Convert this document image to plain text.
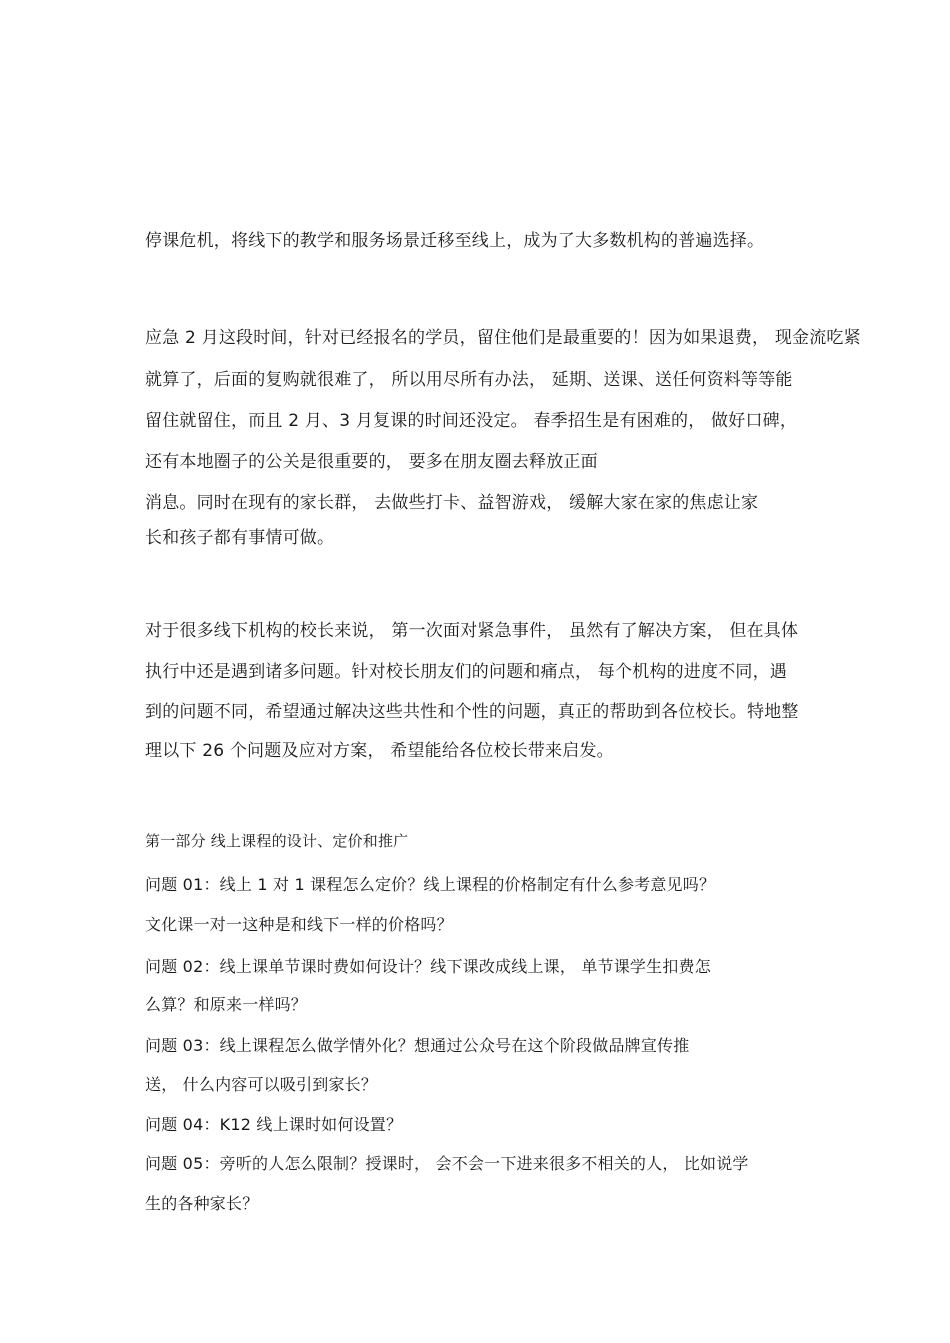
停课危机，将线下的教学和服务场景迁移至线上，成为了大多数机构的普遍选择。
应急 2 月这段时间，针对已经报名的学员，留住他们是最重要的！因为如果退费， 现金流吃紧
就算了，后面的复购就很难了， 所以用尽所有办法， 延期、送课、送任何资料等等能
留住就留住，而且 2 月、3 月复课的时间还没定。 春季招生是有困难的， 做好口碑，
还有本地圈子的公关是很重要的， 要多在朋友圈去释放正面
消息。同时在现有的家长群， 去做些打卡、益智游戏， 缓解大家在家的焦虑让家
长和孩子都有事情可做。
对于很多线下机构的校长来说， 第一次面对紧急事件， 虽然有了解决方案， 但在具体
执行中还是遇到诸多问题。针对校长朋友们的问题和痛点， 每个机构的进度不同，遇
到的问题不同，希望通过解决这些共性和个性的问题，真正的帮助到各位校长。特地整
理以下 26 个问题及应对方案， 希望能给各位校长带来启发。
第一部分 线上课程的设计、定价和推广
问题 01：线上 1 对 1 课程怎么定价？线上课程的价格制定有什么参考意见吗？
文化课一对一这种是和线下一样的价格吗？
问题 02：线上课单节课时费如何设计？线下课改成线上课， 单节课学生扣费怎
么算？和原来一样吗？
问题 03：线上课程怎么做学情外化？想通过公众号在这个阶段做品牌宣传推
送， 什么内容可以吸引到家长？
问题 04：K12 线上课时如何设置？
问题 05：旁听的人怎么限制？授课时， 会不会一下进来很多不相关的人， 比如说学
生的各种家长？
